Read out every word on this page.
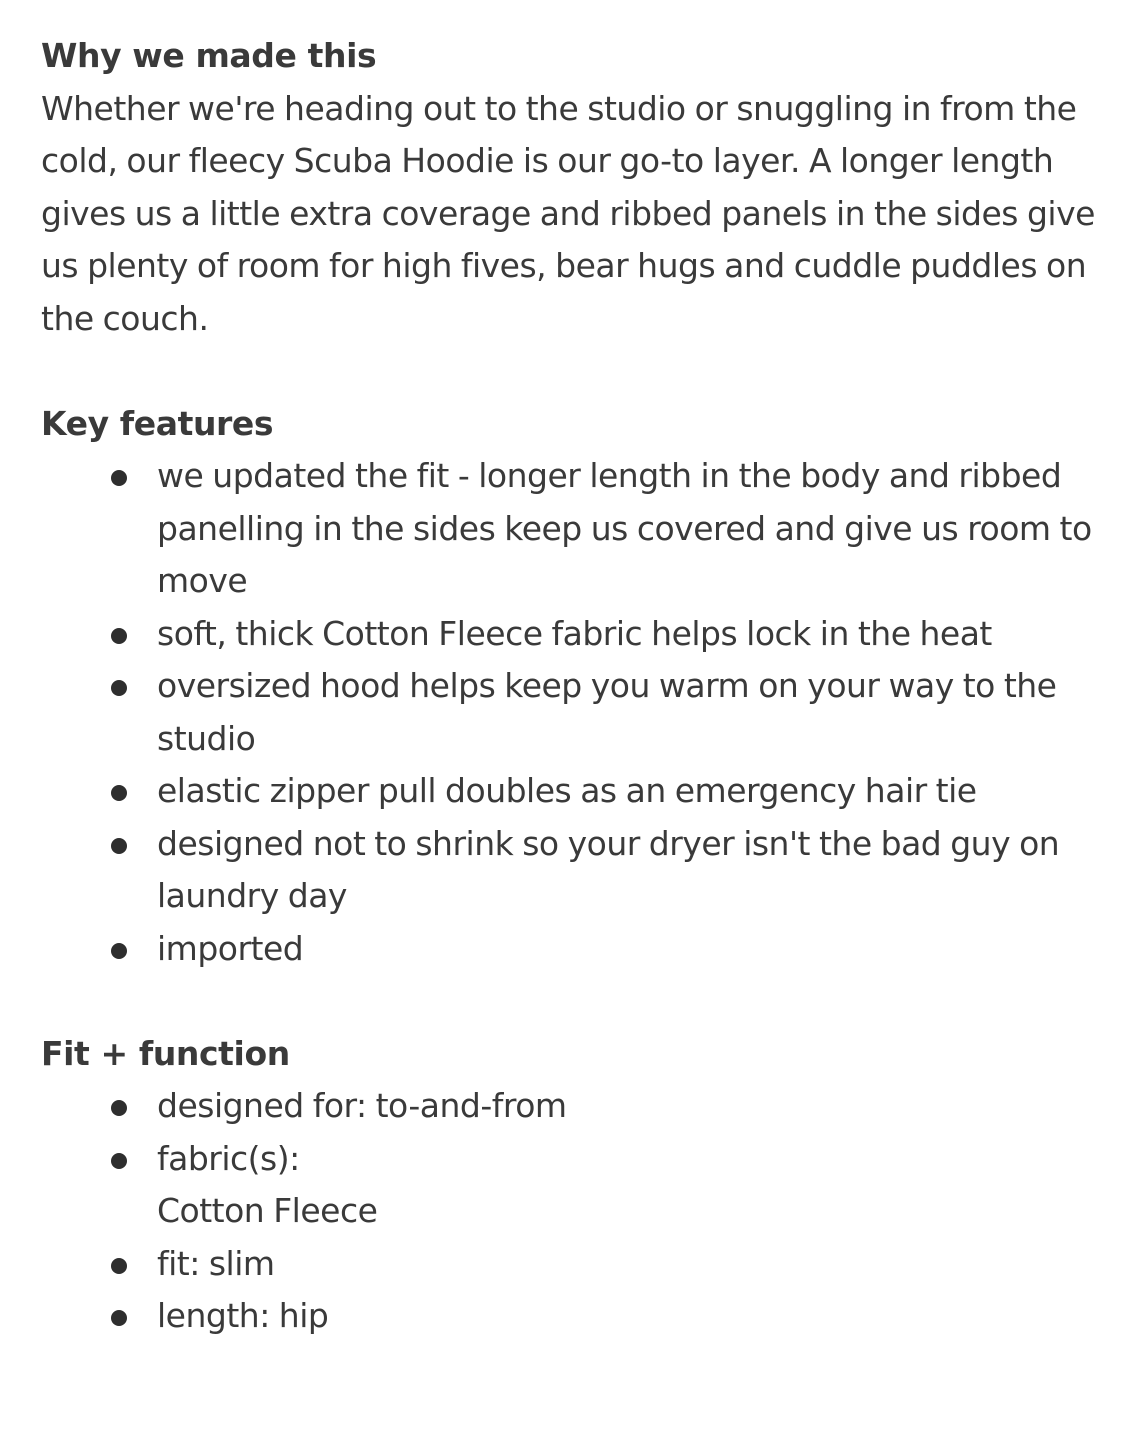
Why we made this
Whether we're heading out to the studio or snuggling in from the cold, our fleecy Scuba Hoodie is our go-to layer. A longer length gives us a little extra coverage and ribbed panels in the sides give us plenty of room for high fives, bear hugs and cuddle puddles on the couch.
Key features
we updated the fit - longer length in the body and ribbed panelling in the sides keep us covered and give us room to move
soft, thick Cotton Fleece fabric helps lock in the heat
oversized hood helps keep you warm on your way to the studio
elastic zipper pull doubles as an emergency hair tie
designed not to shrink so your dryer isn't the bad guy on laundry day
imported
Fit + function
designed for: to-and-from
fabric(s):
Cotton Fleece
fit: slim
length: hip
